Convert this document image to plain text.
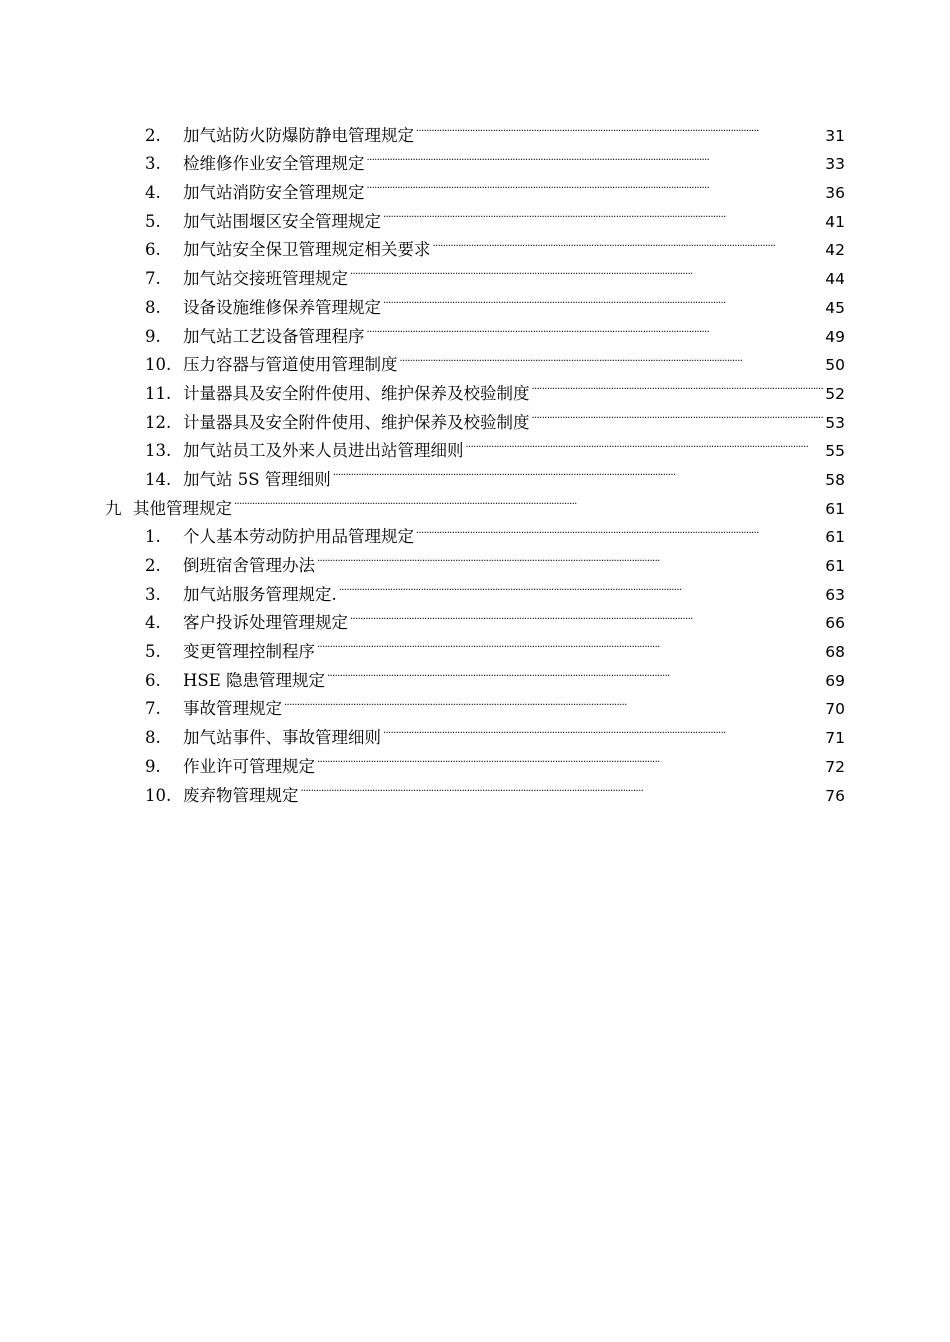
2.	加气站防火防爆防静电管理规定 . . .	31
3.	检维修作业安全管理规定 . . .	33
4.	加气站消防安全管理规定 . . .	36
5.	加气站围堰区安全管理规定 . . .	41
6.	加气站安全保卫管理规定相关要求 . . .	42
7.	加气站交接班管理规定 . . .	44
8.	设备设施维修保养管理规定 . . .	45
9.	加气站工艺设备管理程序 . . .	49
10. 压力容器与管道使用管理制度 . . .	50
11. 计量器具及安全附件使用、维护保养及校验制度 . . .	52
12. 计量器具及安全附件使用、维护保养及校验制度 . . .	53
13. 加气站员工及外来人员进出站管理细则 . . .	55
14. 加气站 5S 管理细则 . . .	58
九 其他管理规定 . . .	61
1.	个人基本劳动防护用品管理规定 . . .	61
2.	倒班宿舍管理办法 . . .	61
3.	加气站服务管理规定. . . .	63
4.	客户投诉处理管理规定 . . .	66
5.	变更管理控制程序 . . .	68
6.	HSE 隐患管理规定 . . .	69
7.	事故管理规定 . . .	70
8.	加气站事件、事故管理细则 . . .	71
9.	作业许可管理规定 . . .	72
10. 废弃物管理规定 . . .	76
